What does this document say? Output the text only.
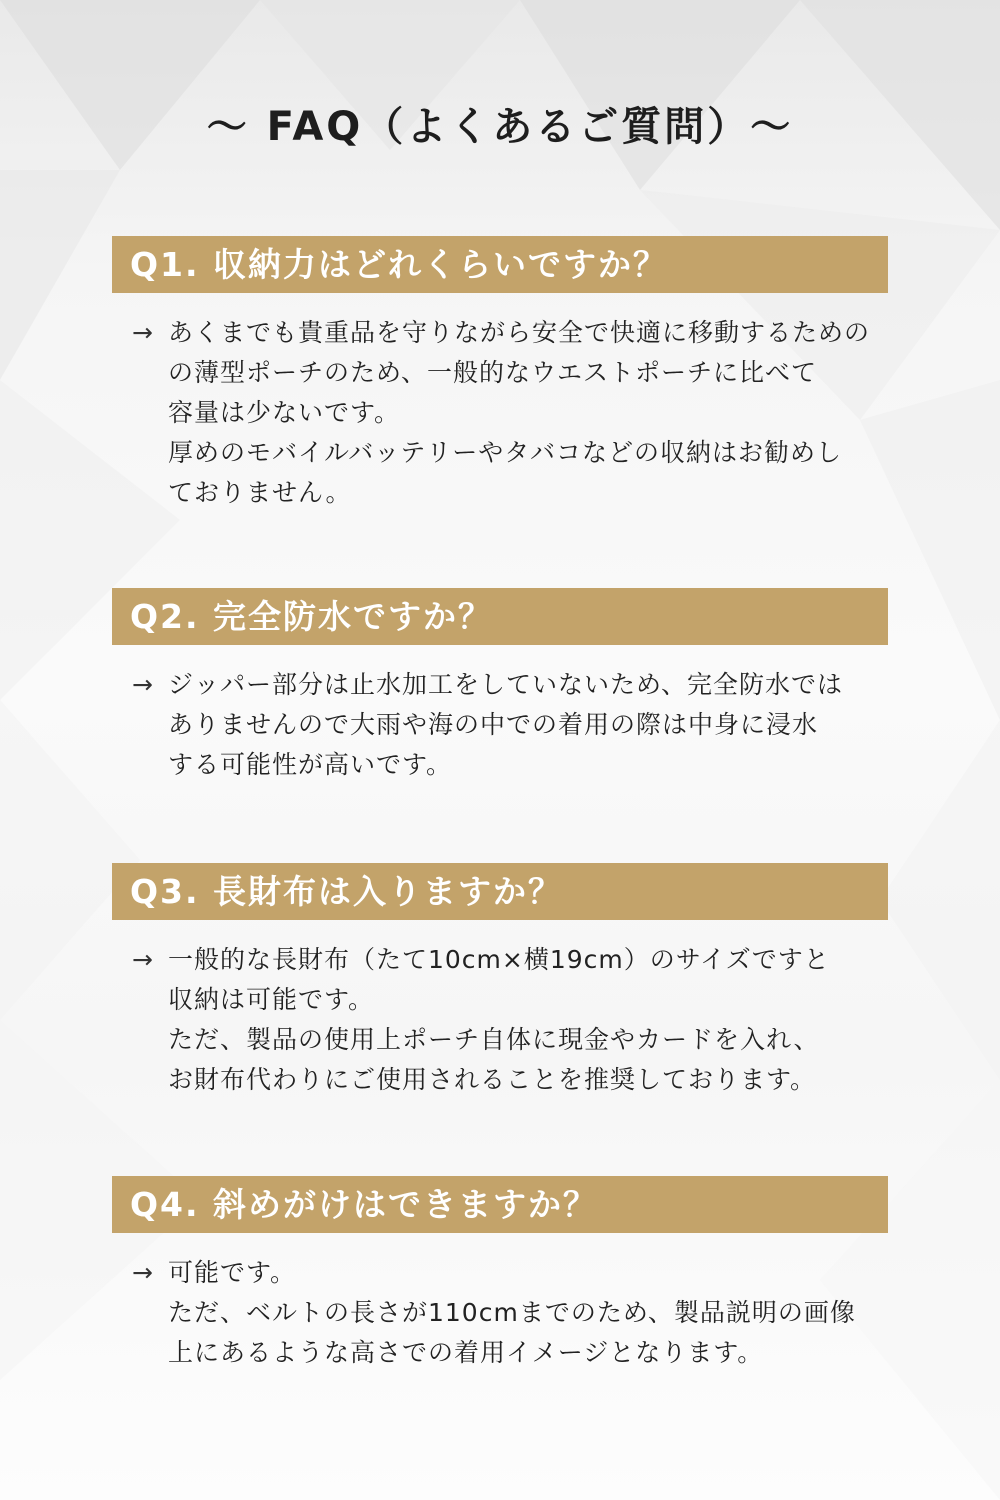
〜 FAQ（よくあるご質問）〜
Q1. 収納力はどれくらいですか？
→ あくまでも貴重品を守りながら安全で快適に移動するための
の薄型ポーチのため、一般的なウエストポーチに比べて
容量は少ないです。
厚めのモバイルバッテリーやタバコなどの収納はお勧めし
ておりません。
Q2. 完全防水ですか？
→ ジッパー部分は止水加工をしていないため、完全防水では
ありませんので大雨や海の中での着用の際は中身に浸水
する可能性が高いです。
Q3. 長財布は入りますか？
→ 一般的な長財布（たて10cm×横19cm）のサイズですと
収納は可能です。
ただ、製品の使用上ポーチ自体に現金やカードを入れ、
お財布代わりにご使用されることを推奨しております。
Q4. 斜めがけはできますか？
→ 可能です。
ただ、ベルトの長さが110cmまでのため、製品説明の画像
上にあるような高さでの着用イメージとなります。
